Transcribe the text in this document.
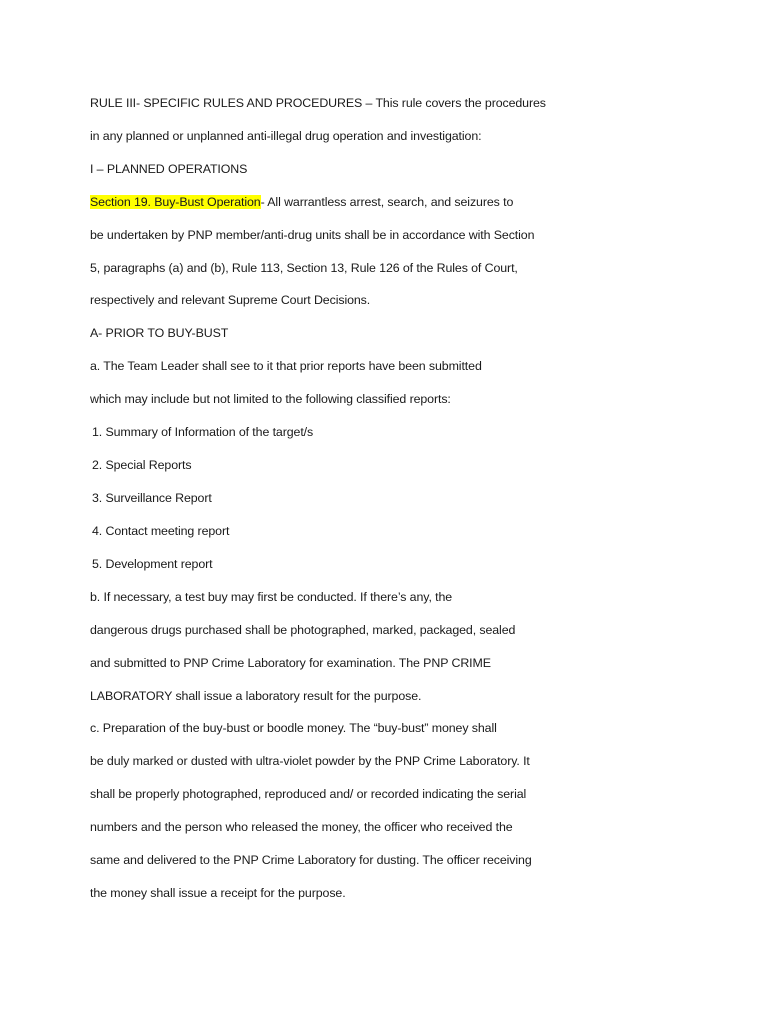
RULE III- SPECIFIC RULES AND PROCEDURES – This rule covers the procedures
in any planned or unplanned anti-illegal drug operation and investigation:
I – PLANNED OPERATIONS
Section 19. Buy-Bust Operation- All warrantless arrest, search, and seizures to
be undertaken by PNP member/anti-drug units shall be in accordance with Section
5, paragraphs (a) and (b), Rule 113, Section 13, Rule 126 of the Rules of Court,
respectively and relevant Supreme Court Decisions.
A- PRIOR TO BUY-BUST
a. The Team Leader shall see to it that prior reports have been submitted
which may include but not limited to the following classified reports:
1. Summary of Information of the target/s
2. Special Reports
3. Surveillance Report
4. Contact meeting report
5. Development report
b. If necessary, a test buy may first be conducted. If there’s any, the
dangerous drugs purchased shall be photographed, marked, packaged, sealed
and submitted to PNP Crime Laboratory for examination. The PNP CRIME
LABORATORY shall issue a laboratory result for the purpose.
c. Preparation of the buy-bust or boodle money. The “buy-bust” money shall
be duly marked or dusted with ultra-violet powder by the PNP Crime Laboratory. It
shall be properly photographed, reproduced and/ or recorded indicating the serial
numbers and the person who released the money, the officer who received the
same and delivered to the PNP Crime Laboratory for dusting. The officer receiving
the money shall issue a receipt for the purpose.
